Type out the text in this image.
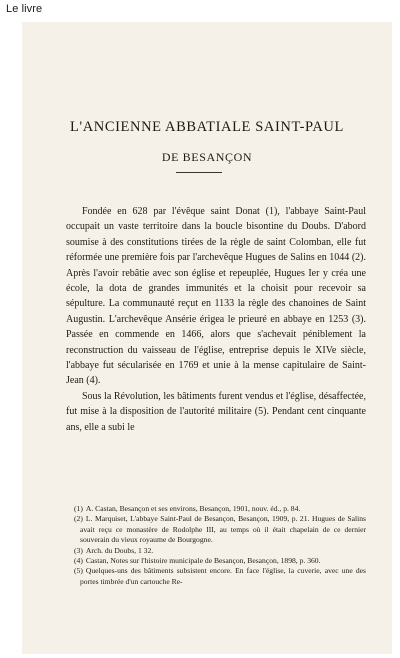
Le livre
L'ANCIENNE ABBATIALE SAINT-PAUL
DE BESANÇON

Fondée en 628 par l'évêque saint Donat (1), l'abbaye Saint-Paul occupait un vaste territoire dans la boucle bisontine du Doubs. D'abord soumise à des constitutions tirées de la règle de saint Colomban, elle fut réformée une première fois par l'archevêque Hugues de Salins en 1044 (2). Après l'avoir rebâtie avec son église et repeuplée, Hugues Ier y créa une école, la dota de grandes immunités et la choisit pour recevoir sa sépulture. La communauté reçut en 1133 la règle des chanoines de Saint Augustin. L'archevêque Ansérie érigea le prieuré en abbaye en 1253 (3). Passée en commende en 1466, alors que s'achevait péniblement la reconstruction du vaisseau de l'église, entreprise depuis le XIVe siècle, l'abbaye fut sécularisée en 1769 et unie à la mense capitulaire de Saint-Jean (4).

Sous la Révolution, les bâtiments furent vendus et l'église, désaffectée, fut mise à la disposition de l'autorité militaire (5). Pendant cent cinquante ans, elle a subi le

(1) A. Castan, Besançon et ses environs, Besançon, 1901, nouv. éd., p. 84.

(2) L. Marquiset, L'abbaye Saint-Paul de Besançon, Besançon, 1909, p. 21. Hugues de Salins avait reçu ce monastère de Rodolphe III, au temps où il était chapelain de ce dernier souverain du vieux royaume de Bourgogne.

(3) Arch. du Doubs, 1 32.

(4) Castan, Notes sur l'histoire municipale de Besançon, Besançon, 1898, p. 360.

(5) Quelques-uns des bâtiments subsistent encore. En face l'église, la cuverie, avec une des portes timbrée d'un cartouche Re-
